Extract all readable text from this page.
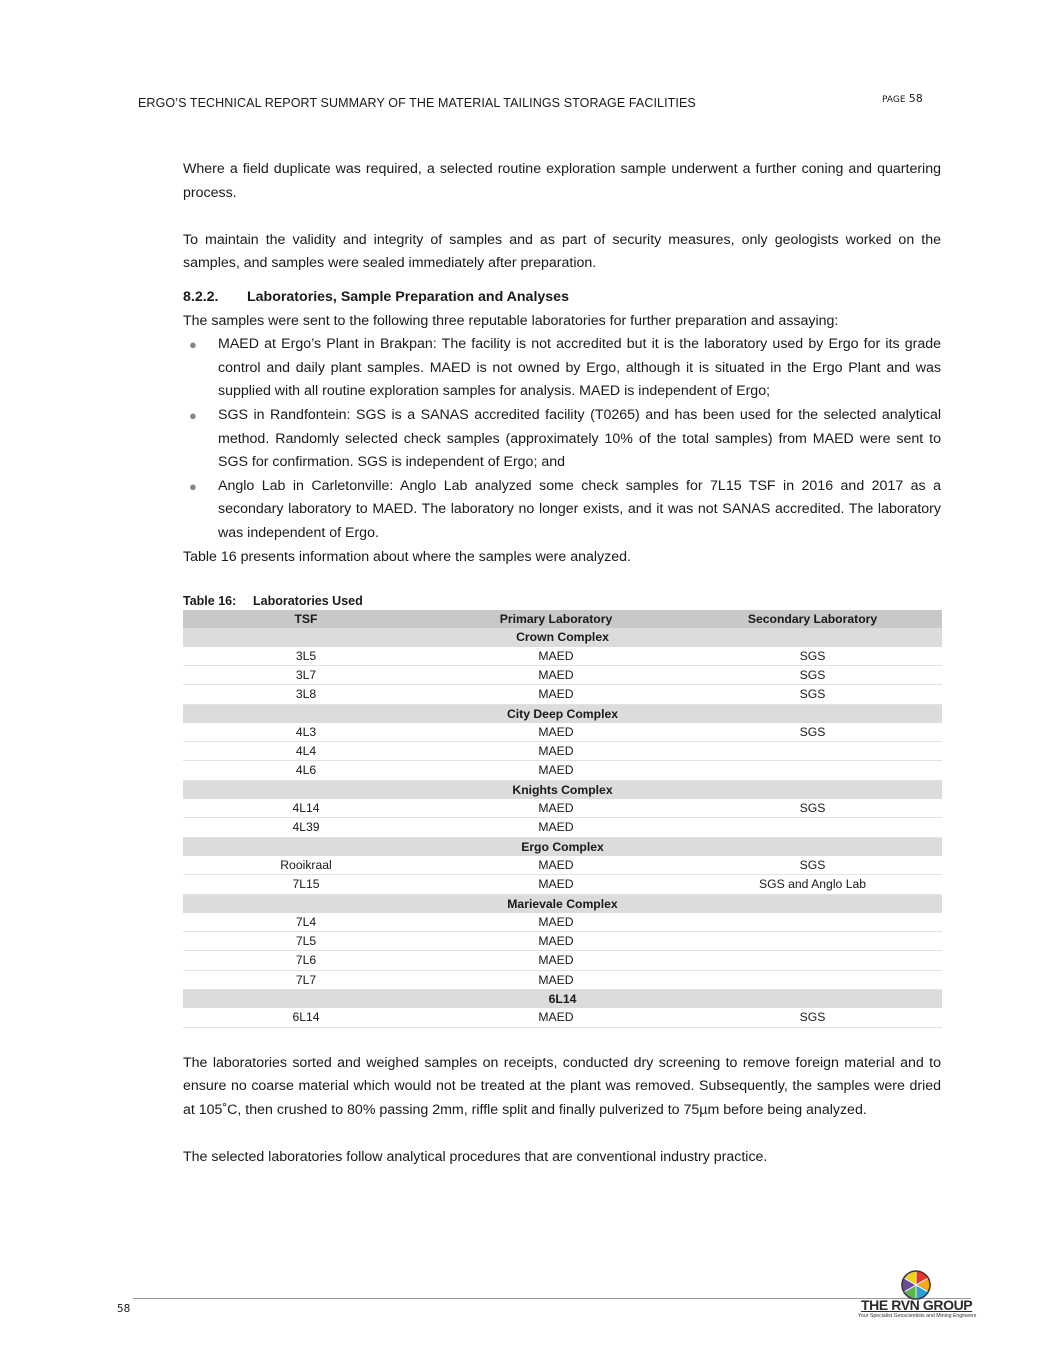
ERGO’S TECHNICAL REPORT SUMMARY OF THE MATERIAL TAILINGS STORAGE FACILITIES	PAGE 58

Where a field duplicate was required, a selected routine exploration sample underwent a further coning and quartering process.

To maintain the validity and integrity of samples and as part of security measures, only geologists worked on the samples, and samples were sealed immediately after preparation.

8.2.2.	Laboratories, Sample Preparation and Analyses

The samples were sent to the following three reputable laboratories for further preparation and assaying:

● MAED at Ergo’s Plant in Brakpan: The facility is not accredited but it is the laboratory used by Ergo for its grade control and daily plant samples. MAED is not owned by Ergo, although it is situated in the Ergo Plant and was supplied with all routine exploration samples for analysis. MAED is independent of Ergo;
● SGS in Randfontein: SGS is a SANAS accredited facility (T0265) and has been used for the selected analytical method. Randomly selected check samples (approximately 10% of the total samples) from MAED were sent to SGS for confirmation. SGS is independent of Ergo; and
● Anglo Lab in Carletonville: Anglo Lab analyzed some check samples for 7L15 TSF in 2016 and 2017 as a secondary laboratory to MAED. The laboratory no longer exists, and it was not SANAS accredited. The laboratory was independent of Ergo.

Table 16 presents information about where the samples were analyzed.

Table 16:	Laboratories Used
TSF	Primary Laboratory	Secondary Laboratory
Crown Complex		
3L5	MAED	SGS
3L7	MAED	SGS
3L8	MAED	SGS
City Deep Complex		
4L3	MAED	SGS
4L4	MAED	
4L6	MAED	
Knights Complex		
4L14	MAED	SGS
4L39	MAED	
Ergo Complex		
Rooikraal	MAED	SGS
7L15	MAED	SGS and Anglo Lab
Marievale Complex		
7L4	MAED	
7L5	MAED	
7L6	MAED	
7L7	MAED	
6L14		
6L14	MAED	SGS

The laboratories sorted and weighed samples on receipts, conducted dry screening to remove foreign material and to ensure no coarse material which would not be treated at the plant was removed. Subsequently, the samples were dried at 105˚C, then crushed to 80% passing 2mm, riffle split and finally pulverized to 75µm before being analyzed.

The selected laboratories follow analytical procedures that are conventional industry practice.

58	THE RVN GROUP
Your Specialist Geoscientists and Mining Engineers
